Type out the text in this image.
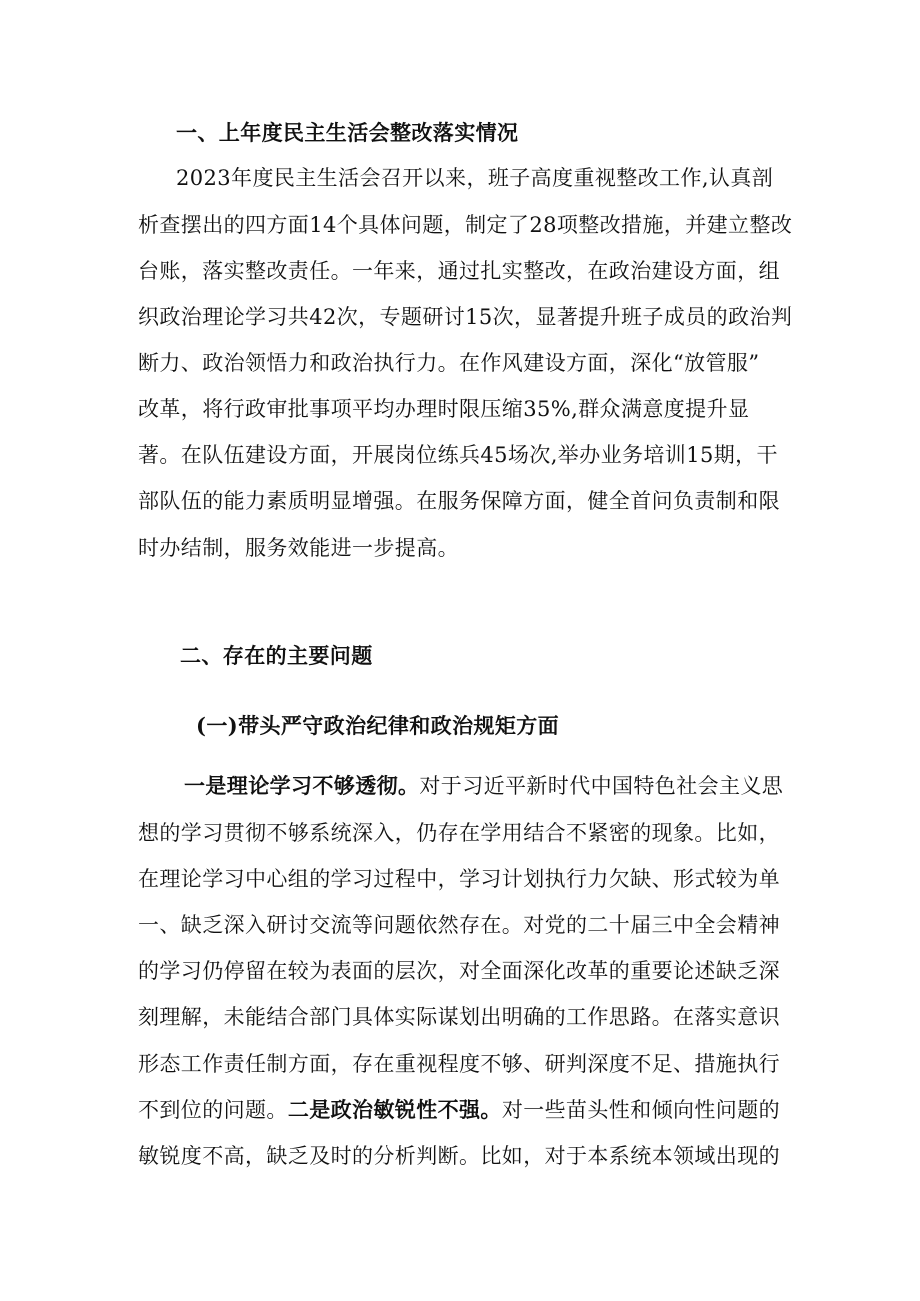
一、上年度民主生活会整改落实情况
2023年度民主生活会召开以来，班子高度重视整改工作,认真剖
析查摆出的四方面14个具体问题，制定了28项整改措施，并建立整改
台账，落实整改责任。一年来，通过扎实整改，在政治建设方面，组
织政治理论学习共42次，专题研讨15次，显著提升班子成员的政治判
断力、政治领悟力和政治执行力。在作风建设方面，深化“放管服”
改革，将行政审批事项平均办理时限压缩35%,群众满意度提升显
著。在队伍建设方面，开展岗位练兵45场次,举办业务培训15期，干
部队伍的能力素质明显增强。在服务保障方面，健全首问负责制和限
时办结制，服务效能进一步提高。
二、存在的主要问题
(一)带头严守政治纪律和政治规矩方面
一是理论学习不够透彻。对于习近平新时代中国特色社会主义思
想的学习贯彻不够系统深入，仍存在学用结合不紧密的现象。比如，
在理论学习中心组的学习过程中，学习计划执行力欠缺、形式较为单
一、缺乏深入研讨交流等问题依然存在。对党的二十届三中全会精神
的学习仍停留在较为表面的层次，对全面深化改革的重要论述缺乏深
刻理解，未能结合部门具体实际谋划出明确的工作思路。在落实意识
形态工作责任制方面，存在重视程度不够、研判深度不足、措施执行
不到位的问题。二是政治敏锐性不强。对一些苗头性和倾向性问题的
敏锐度不高，缺乏及时的分析判断。比如，对于本系统本领域出现的
